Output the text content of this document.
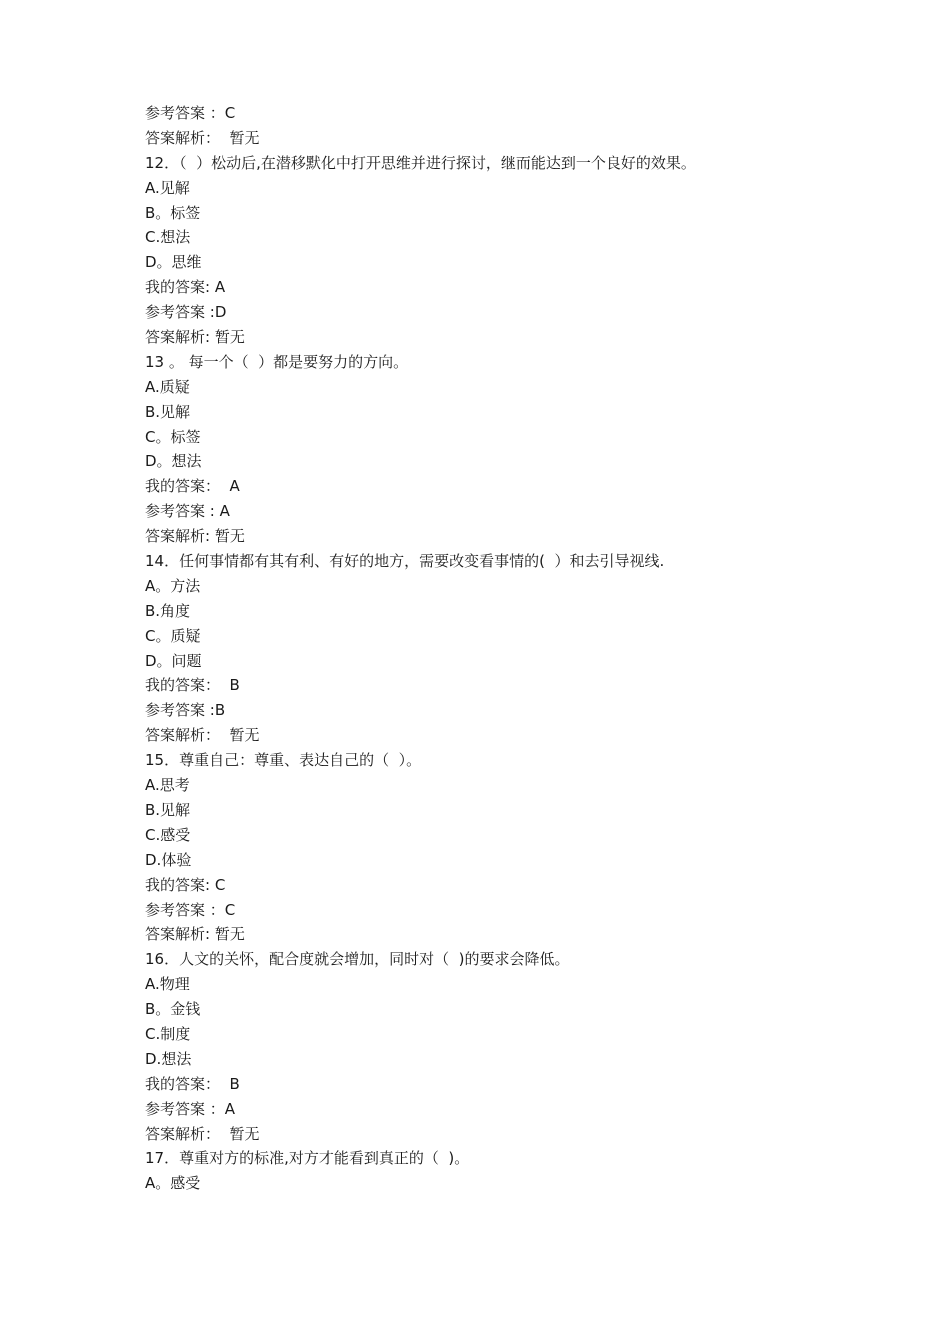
参考答案 ：C
答案解析：  暂无
12．（  ）松动后,在潜移默化中打开思维并进行探讨，继而能达到一个良好的效果。
A.见解
B。标签
C.想法
D。思维
我的答案: A
参考答案 :D
答案解析: 暂无
13 。 每一个（  ）都是要努力的方向。
A.质疑
B.见解
C。标签
D。想法
我的答案：  A
参考答案 : A
答案解析: 暂无
14．任何事情都有其有利、有好的地方，需要改变看事情的(  ）和去引导视线.
A。方法
B.角度
C。质疑
D。问题
我的答案：  B
参考答案 :B
答案解析：  暂无
15．尊重自己：尊重、表达自己的（  ）。
A.思考
B.见解
C.感受
D.体验
我的答案: C
参考答案 ：C
答案解析: 暂无
16．人文的关怀，配合度就会增加，同时对（  )的要求会降低。
A.物理
B。金钱
C.制度
D.想法
我的答案：  B
参考答案 ：A
答案解析：  暂无
17．尊重对方的标准,对方才能看到真正的（  )。
A。感受
